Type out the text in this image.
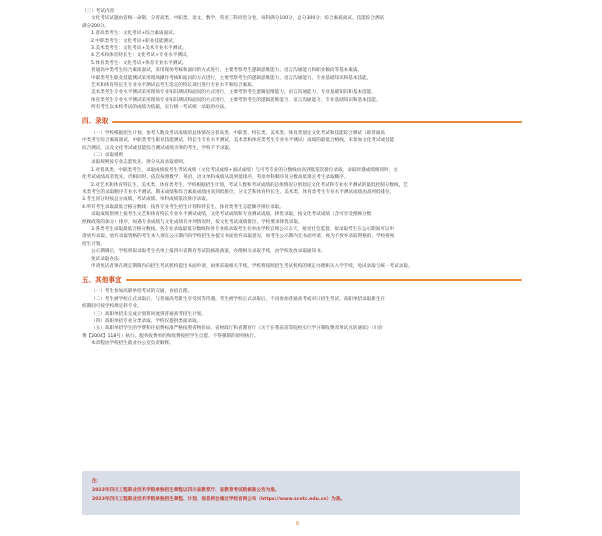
（三）考试内容
文化考试试题由省统一命制，分普高类、中职类，语文、数学、英语三科同堂分卷，每科满分100分，总分300分；综合素质面试、技能综合测试
满分200分。
1.普高类考生：文化考试+综合素质面试。
2.中职类考生：文化考试+职业技能测试。
3.美术类考生：文化考试+美术专业水平测试。
4.艺术和体育特长生：文化考试+专业水平测试。
5.体育类考生：文化考试+体育专业水平测试。
普通高中类考生综合素质面试，采用现场考核和面问的方式进行，主要考察考生逻辑思维能力、语言沟通能力和职业倾向等基本素质。
中职类考生职业技能测试采用现场操作考核和面问的方式进行，主要考察考生的逻辑思维能力，语言沟通能力、专业基础知识和基本技能。
艺术和体育特长生专业水平测试以考生选定的特长项目进行专业水平和综合素质。
美术类考生专业水平测试采用现场专业知识测试和面问的方式进行，主要考察考生逻辑思维能力、语言沟通能力、专业基础知识和基本技能。
体育类考生专业水平测试采用现场专业知识测试和面问的方式进行，主要考察考生的逻辑思维能力，语言沟通能力，专业基础知识和基本技能。
所有考生以本校考试的成绩为依据，实行统一考试统一录取的办法。
四、录取
（一）学校根据招生计划，参考人数及考试成绩的总体情况分普高类、中职类、特长类、美术类、体育类划定文化考试和技能综合测试（即普通高
中类考生综合素质面试，中职类考生职业技能测试，特长生专业水平测试，美术类和体育类考生专业水平测试）成绩的最低合格线，未参加文化考试或技能
综合测试，以及文化考试或技能综合测试成绩为零的考生，学校不予录取。
（二）录取规则
录取规则按专业志愿优先、择分从高录取原则。
1.对普高类、中职类考生，录取成绩按考生考试成绩（文化考试成绩+面试成绩）与可考专业的分数线由高到低依次排位录取，录取时遇成绩相同时，文
化考试成绩高者优先，仍相同时，依次按照数学、英语、语文单科成绩从高到低排序，英语单科顺序及分数高低排定考生录取顺序。
2.对艺术和体育特长生、美术类、体育类考生，学校根据招生计划，考试人数和考试成绩的总体情况分别划定文化考试和专业水平测试的最低控制分数线，艺
术类考生的录取顺序专业水平测试、期末成绩和综合素质成绩由高到低排位，分文艺和体育特长生，美术类、体育类考生专业水平测试成绩由高到低排位，
3.考生同分时按总分成绩、考试成绩、单科成绩依次排序录取。
4.所有考生录取最低合格分数线：按各专业考生招生计划和特长生、体育类考生志愿顺序排位录取。
录取成绩原则上按考生文艺和体育特长专业水平测试成绩，文化考试成绩和专业测试成绩，择优录取，按文化考试成绩（含可享受照顾分数
照顾政策的加分）排序，如遇专业成绩与文化成绩有并列情况时，按文化考试成绩排位，学校要求择优录取。
3.各类考生录取最低合格分数线、各专业录取最低分数线和各专业拟录取考生名单由学校官网公示五天，接受社会监督。拟录取考生在公示期间可以申
请放弃录取。放弃录取资格的考生本人须在公示期内向学校招生办提交书面放弃录取意见，如考生公示期内无书面申请，视为不放弃录取资格的，学校将视
招生计划。
公示期满后，学校将拟录取考生名单上报四川省教育考试院核准备案，办理相关录取手续，由学校发放录取通知书。
免试录取办法：
申请免试者须在规定期限内向招生考试机构提出书面申请，如果采取相关手续，学校将按照招生考试机构的规定办理相关入学手续，免试录取与统一考试录取。
五、其他事宜
（一）考生参加高职单招考试的交通、食宿自理。
（二）考生被学校正式录取后，与普通高考新生享受同等待遇。考生被学校正式录取后，不再参加普通高考或对口招生考试。高职单招录取新生在
校期间可按学校规定转专业。
（三）高职单招未完成计划将回流到普通高考招生计划。
（四）高职单招专业分类录取，学校仅提供类面录取。
（五）高职单招学生的学费和住宿费标准严格按照省物价局、省财政厅和省教育厅《关于在我省高等院校实行学分制收费改革试点的通知》（川价
费【2004】118号）执行。服务收费单的和收费按照学生自愿、不得强制的原则执行。
本章程由学校招生就业办公室负责解释。
注：
2023年四川工程职业技术学院单独招生章程以四川省教育厅、省教育考试院核准公告为准。
2023年四川工程职业技术学院单独招生章程、计划、信息将会通过学校官网公布（https://www.scetc.edu.cn）为准。
6
